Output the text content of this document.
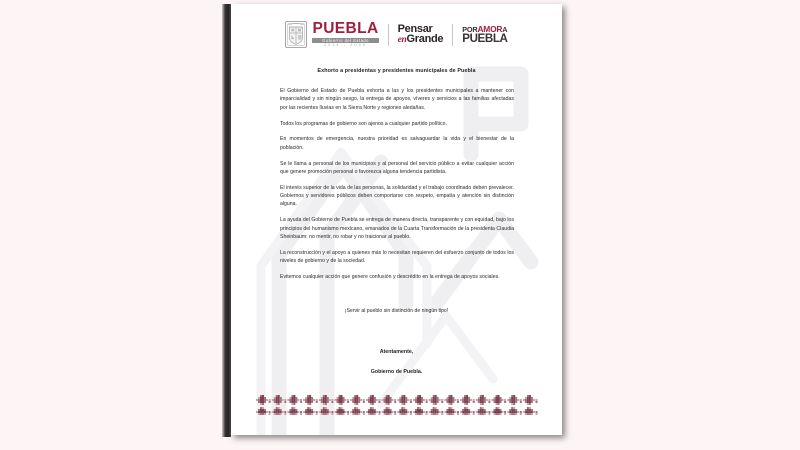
PUEBLA
Gobierno del Estado
2024 - 2030
Pensar
enGrande
PORAMORA
PUEBLA
Exhorto a presidentas y presidentes municipales de Puebla

El Gobierno del Estado de Puebla exhorta a las y los presidentes municipales a mantener con imparcialidad y sin ningún sesgo, la entrega de apoyos, víveres y servicios a las familias afectadas por las recientes lluvias en la Sierra Norte y regiones aledañas.

Todos los programas de gobierno son ajenos a cualquier partido político.

En momentos de emergencia, nuestra prioridad es salvaguardar la vida y el bienestar de la población.

Se le llama a personal de los municipios y al personal del servicio público a evitar cualquier acción que genere promoción personal o favorezca alguna tendencia partidista.

El interés superior de la vida de las personas, la solidaridad y el trabajo coordinado deben prevalecer. Gobiernos y servidores públicos deben comportarse con respeto, empatía y atención sin distinción alguna.

La ayuda del Gobierno de Puebla se entrega de manera directa, transparente y con equidad, bajo los principios del humanismo mexicano, emanados de la Cuarta Transformación de la presidenta Claudia Sheinbaum: no mentir, no robar y no traicionar al pueblo.

La reconstrucción y el apoyo a quienes más lo necesitan requieren del esfuerzo conjunto de todos los niveles de gobierno y de la sociedad.

Evitemos cualquier acción que genere confusión y descrédito en la entrega de apoyos sociales.

¡Servir al pueblo sin distinción de ningún tipo!
Atentamente,
Gobierno de Puebla.
